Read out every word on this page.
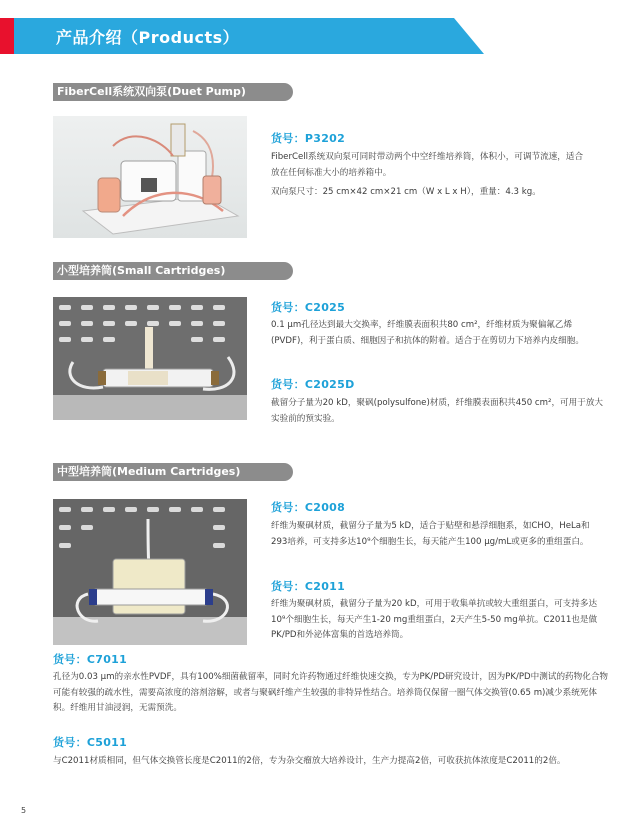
产品介绍（Products）
FiberCell系统双向泵(Duet Pump)
货号：P3202
FiberCell系统双向泵可同时带动两个中空纤维培养筒，体积小，可调节流速，适合放在任何标准大小的培养箱中。
双向泵尺寸：25 cm×42 cm×21 cm（W x L x H），重量：4.3 kg。
小型培养筒(Small Cartridges)
货号：C2025
0.1 μm孔径达到最大交换率，纤维膜表面积共80 cm²，纤维材质为聚偏氟乙烯(PVDF)，利于蛋白质、细胞因子和抗体的附着。适合于在剪切力下培养内皮细胞。
货号：C2025D
截留分子量为20 kD，聚砜(polysulfone)材质，纤维膜表面积共450 cm²，可用于放大实验前的预实验。
中型培养筒(Medium Cartridges)
货号：C2008
纤维为聚砜材质，截留分子量为5 kD，适合于贴壁和悬浮细胞系，如CHO，HeLa和293培养，可支持多达10⁹个细胞生长，每天能产生100 μg/mL或更多的重组蛋白。
货号：C2011
纤维为聚砜材质，截留分子量为20 kD，可用于收集单抗或较大重组蛋白，可支持多达10⁹个细胞生长，每天产生1-20 mg重组蛋白，2天产生5-50 mg单抗。C2011也是做PK/PD和外泌体富集的首选培养筒。
货号：C7011
孔径为0.03 μm的亲水性PVDF，具有100%细菌截留率，同时允许药物通过纤维快速交换，专为PK/PD研究设计，因为PK/PD中测试的药物化合物可能有较强的疏水性，需要高浓度的溶剂溶解，或者与聚砜纤维产生较强的非特异性结合。培养筒仅保留一圈气体交换管(0.65 m)减少系统死体积。纤维用甘油浸润，无需预洗。
货号：C5011
与C2011材质相同，但气体交换管长度是C2011的2倍，专为杂交瘤放大培养设计，生产力提高2倍，可收获抗体浓度是C2011的2倍。
5
